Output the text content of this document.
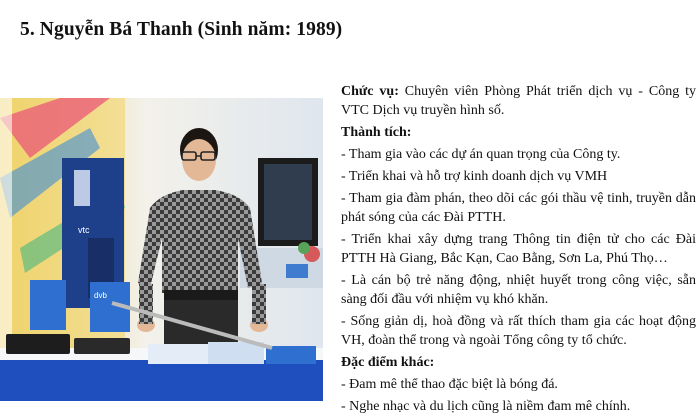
5. Nguyễn Bá Thanh (Sinh năm: 1989)
vtc
dvb

Chức vụ: Chuyên viên Phòng Phát triển dịch vụ - Công ty VTC Dịch vụ truyền hình số.

Thành tích:

- Tham gia vào các dự án quan trọng của Công ty.

- Triển khai và hỗ trợ kinh doanh dịch vụ VMH

- Tham gia đàm phán, theo dõi các gói thầu vệ tinh, truyền dẫn phát sóng của các Đài PTTH.

- Triển khai xây dựng trang Thông tin điện tử cho các Đài PTTH Hà Giang, Bắc Kạn, Cao Bằng, Sơn La, Phú Thọ…

- Là cán bộ trẻ năng động, nhiệt huyết trong công việc, sẵn sàng đối đầu với nhiệm vụ khó khăn.

- Sống giản dị, hoà đồng và rất thích tham gia các hoạt động VH, đoàn thể trong và ngoài Tổng công ty tổ chức.

Đặc điểm khác:

- Đam mê thể thao đặc biệt là bóng đá.

- Nghe nhạc và du lịch cũng là niềm đam mê chính.
